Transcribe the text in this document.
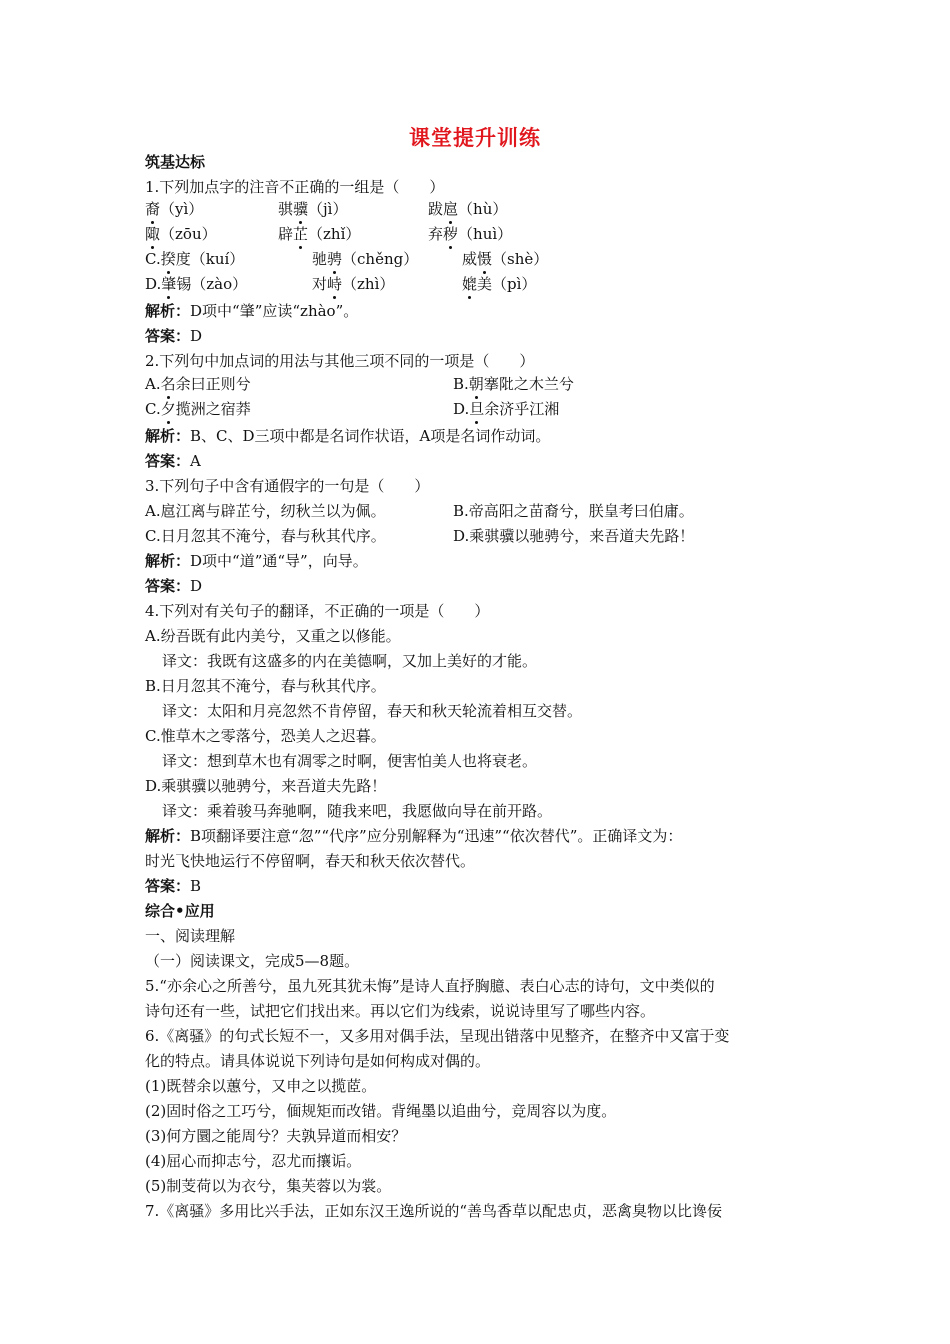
课堂提升训练
筑基达标
1.下列加点字的注音不正确的一组是（　　）
裔（yì）	骐骥（jì）	跋扈（hù）
陬（zōu）	辟芷（zhǐ）	弃秽（huì）
C.揆度（kuí）	驰骋（chěng）	威慑（shè）
D.肇锡（zào）	对峙（zhì）	媲美（pì）
解析：D项中“肇”应读“zhào”。
答案：D
2.下列句中加点词的用法与其他三项不同的一项是（　　）
A.名余曰正则兮	B.朝搴阰之木兰兮
C.夕揽洲之宿莽	D.旦余济乎江湘
解析：B、C、D三项中都是名词作状语，A项是名词作动词。
答案：A
3.下列句子中含有通假字的一句是（　　）
A.扈江离与辟芷兮，纫秋兰以为佩。	B.帝高阳之苗裔兮，朕皇考曰伯庸。
C.日月忽其不淹兮，春与秋其代序。	D.乘骐骥以驰骋兮，来吾道夫先路！
解析：D项中“道”通“导”，向导。
答案：D
4.下列对有关句子的翻译，不正确的一项是（　　）
A.纷吾既有此内美兮，又重之以修能。
译文：我既有这盛多的内在美德啊，又加上美好的才能。
B.日月忽其不淹兮，春与秋其代序。
译文：太阳和月亮忽然不肯停留，春天和秋天轮流着相互交替。
C.惟草木之零落兮，恐美人之迟暮。
译文：想到草木也有凋零之时啊，便害怕美人也将衰老。
D.乘骐骥以驰骋兮，来吾道夫先路！
译文：乘着骏马奔驰啊，随我来吧，我愿做向导在前开路。
解析：B项翻译要注意“忽”“代序”应分别解释为“迅速”“依次替代”。正确译文为：
时光飞快地运行不停留啊，春天和秋天依次替代。
答案：B
综合•应用
一、阅读理解
（一）阅读课文，完成5—8题。
5.“亦余心之所善兮，虽九死其犹未悔”是诗人直抒胸臆、表白心志的诗句，文中类似的
诗句还有一些，试把它们找出来。再以它们为线索，说说诗里写了哪些内容。
6.《离骚》的句式长短不一，又多用对偶手法，呈现出错落中见整齐，在整齐中又富于变
化的特点。请具体说说下列诗句是如何构成对偶的。
(1)既替余以蕙兮，又申之以揽茝。
(2)固时俗之工巧兮，偭规矩而改错。背绳墨以追曲兮，竞周容以为度。
(3)何方圜之能周兮？夫孰异道而相安？
(4)屈心而抑志兮，忍尤而攘诟。
(5)制芰荷以为衣兮，集芙蓉以为裳。
7.《离骚》多用比兴手法，正如东汉王逸所说的“善鸟香草以配忠贞，恶禽臭物以比谗佞
